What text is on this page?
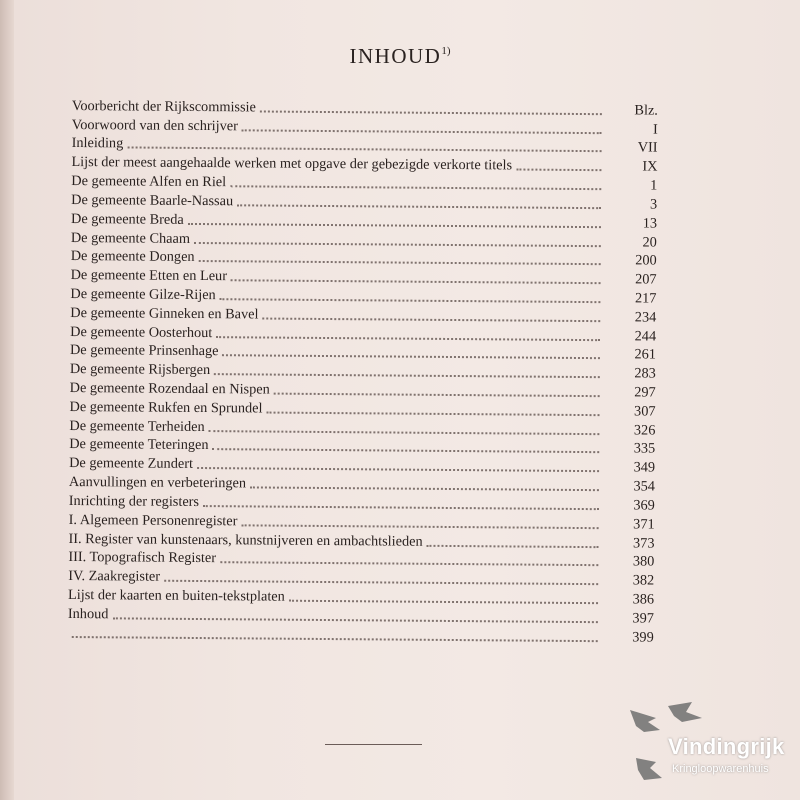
INHOUD$^{1)}$
Voorbericht der Rijkscommissie	Blz.
Voorwoord van den schrijver	I
Inleiding	VII
Lijst der meest aangehaalde werken met opgave der gebezigde verkorte titels	IX
De gemeente Alfen en Riel	1
De gemeente Baarle-Nassau	3
De gemeente Breda	13
De gemeente Chaam	20
De gemeente Dongen	200
De gemeente Etten en Leur	207
De gemeente Gilze-Rijen	217
De gemeente Ginneken en Bavel	234
De gemeente Oosterhout	244
De gemeente Prinsenhage	261
De gemeente Rijsbergen	283
De gemeente Rozendaal en Nispen	297
De gemeente Rukfen en Sprundel	307
De gemeente Terheiden	326
De gemeente Teteringen	335
De gemeente Zundert	349
Aanvullingen en verbeteringen	354
Inrichting der registers	369
I. Algemeen Personenregister	371
II. Register van kunstenaars, kunstnijveren en ambachtslieden	373
III. Topografisch Register	380
IV. Zaakregister	382
Lijst der kaarten en buiten-tekstplaten	386
Inhoud	397
399
Vindingrijk
Kringloopwarenhuis
